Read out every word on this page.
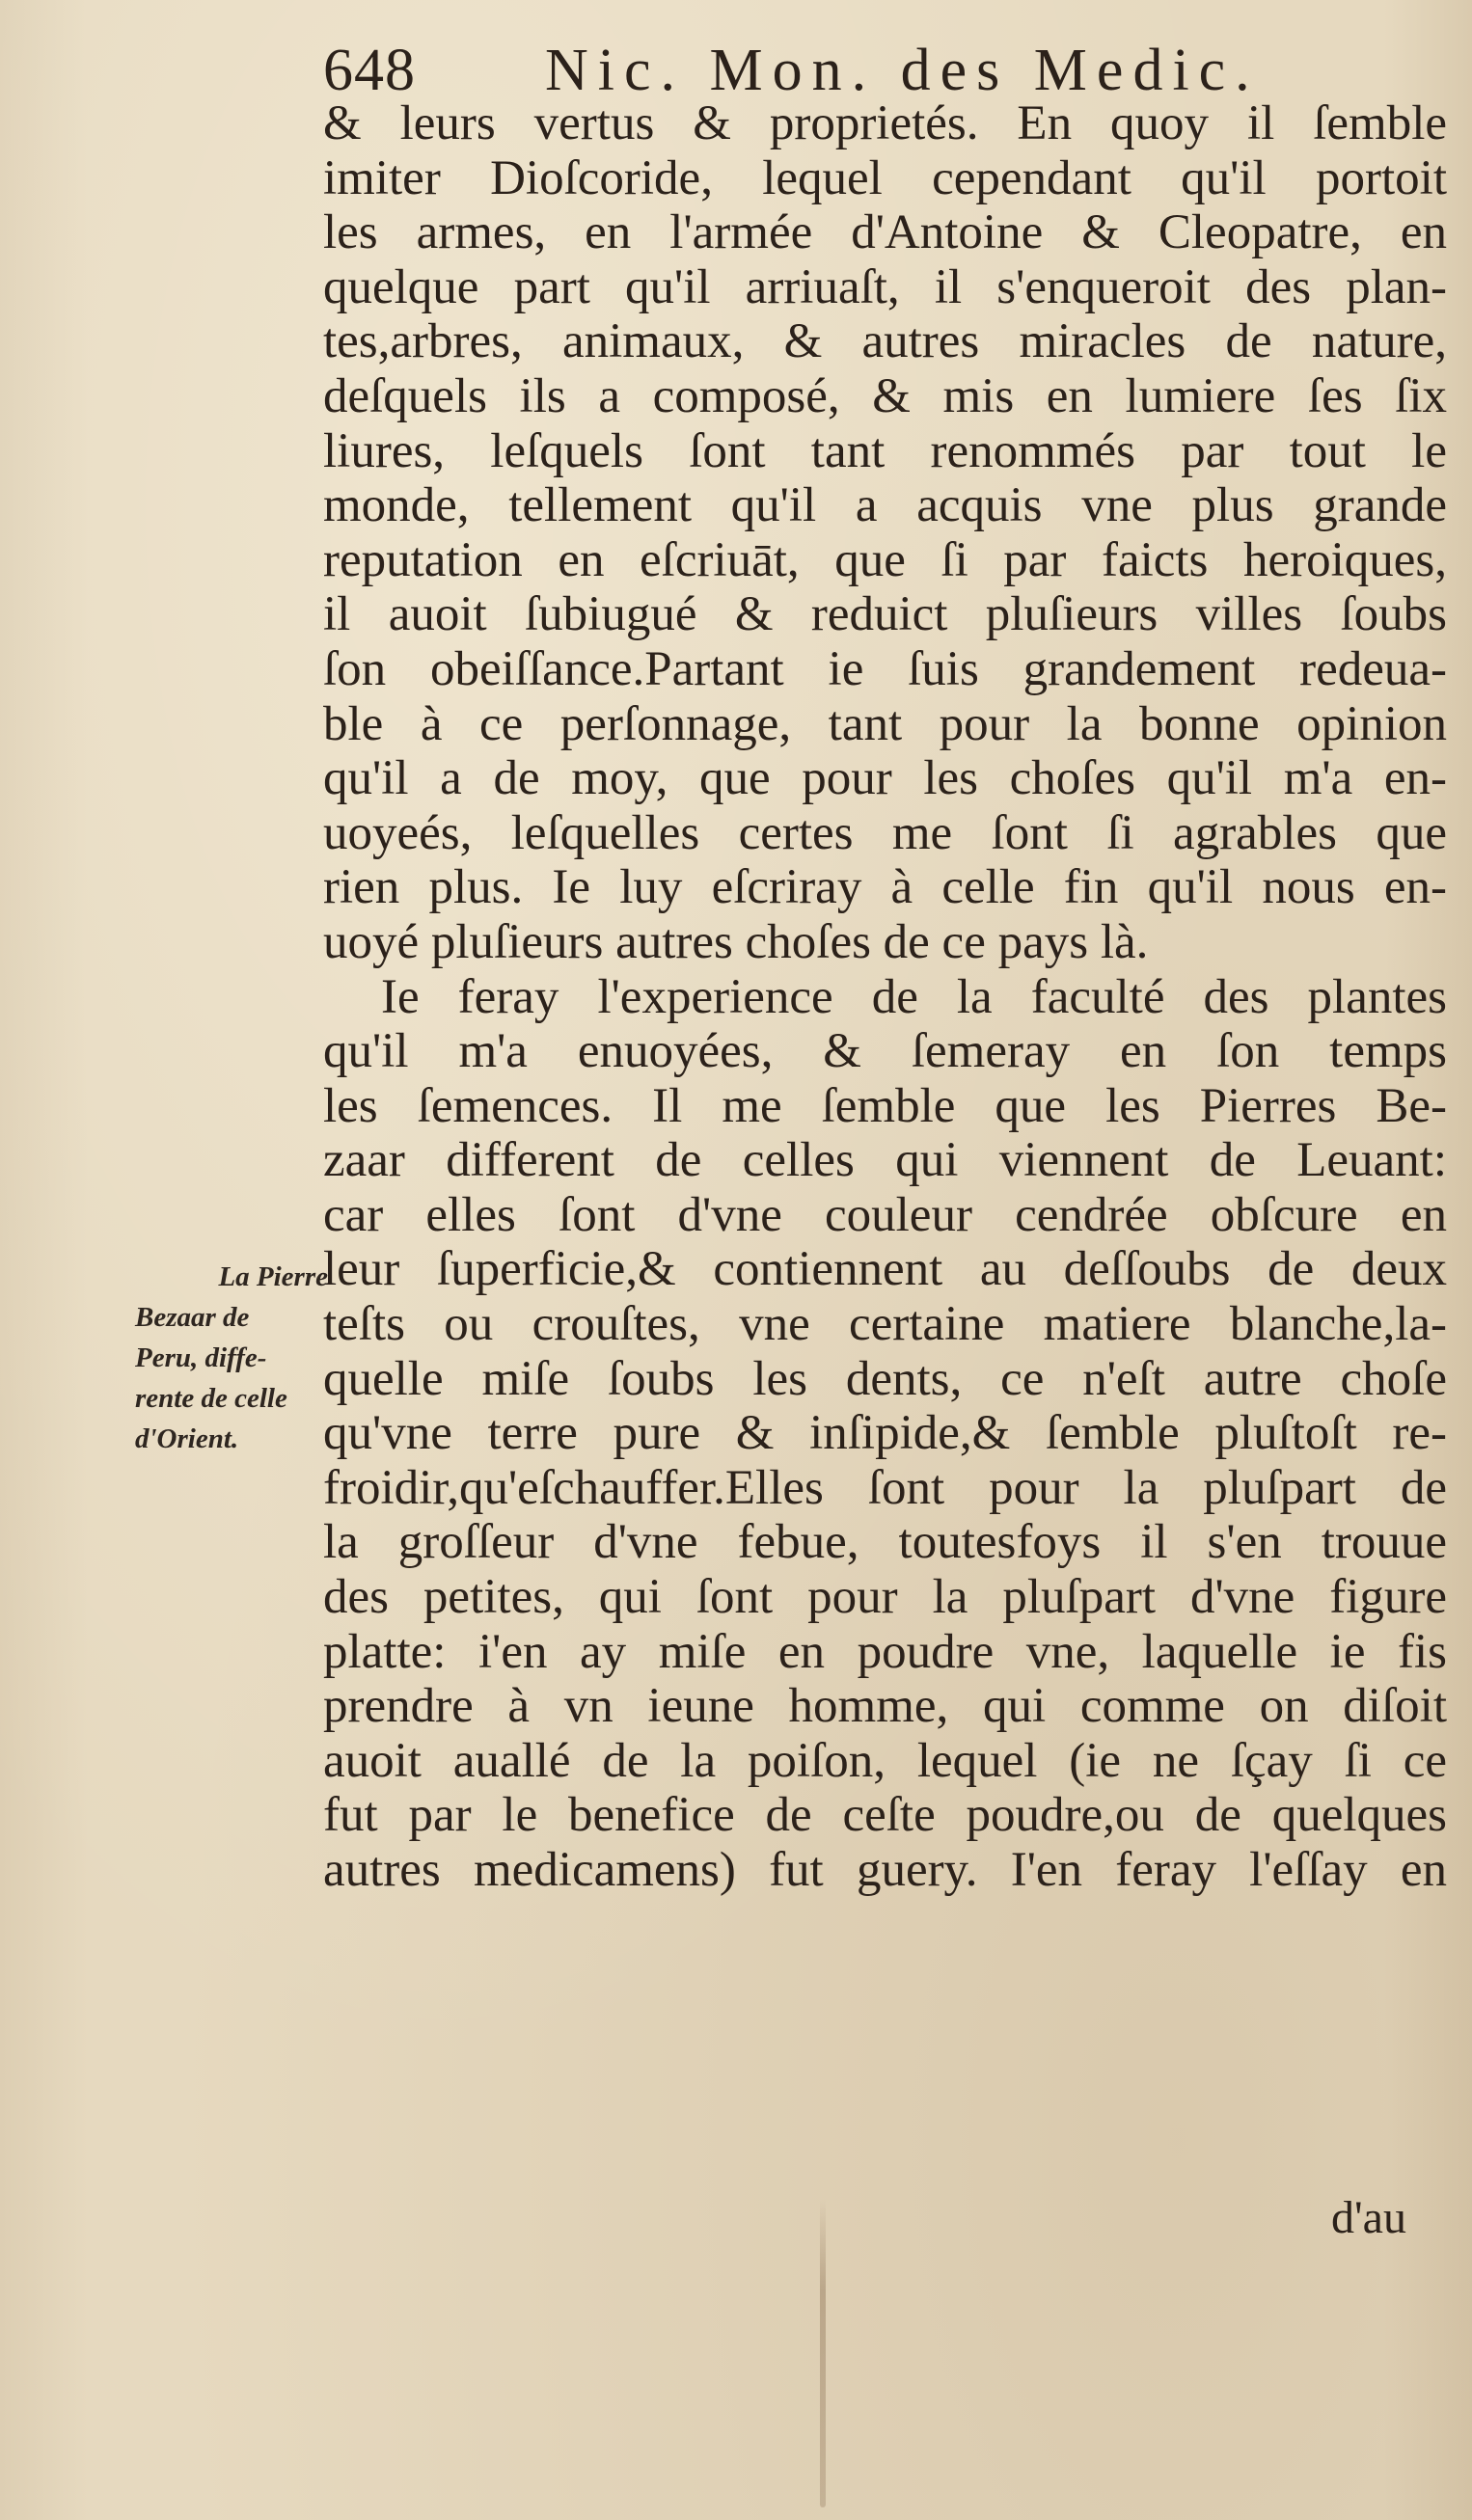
648 Nic. Mon. des Medic.
& leurs vertus & proprietés. En quoy il ſemble
imiter Dioſcoride, lequel cependant qu'il portoit
les armes, en l'armée d'Antoine & Cleopatre, en
quelque part qu'il arriuaſt, il s'enqueroit des plan-
tes,arbres, animaux, & autres miracles de nature,
deſquels ils a composé, & mis en lumiere ſes ſix
liures, leſquels ſont tant renommés par tout le
monde, tellement qu'il a acquis vne plus grande
reputation en eſcriuāt, que ſi par faicts heroiques,
il auoit ſubiugué & reduict pluſieurs villes ſoubs
ſon obeiſſance.Partant ie ſuis grandement redeua-
ble à ce perſonnage, tant pour la bonne opinion
qu'il a de moy, que pour les choſes qu'il m'a en-
uoyeés, leſquelles certes me ſont ſi agrables que
rien plus. Ie luy eſcriray à celle fin qu'il nous en-
uoyé pluſieurs autres choſes de ce pays là.
Ie feray l'experience de la faculté des plantes
qu'il m'a enuoyées, & ſemeray en ſon temps
les ſemences. Il me ſemble que les Pierres Be-
zaar different de celles qui viennent de Leuant:
car elles ſont d'vne couleur cendrée obſcure en
leur ſuperficie,& contiennent au deſſoubs de deux
teſts ou crouſtes, vne certaine matiere blanche,la-
quelle miſe ſoubs les dents, ce n'eſt autre choſe
qu'vne terre pure & inſipide,& ſemble pluſtoſt re-
froidir,qu'eſchauffer.Elles ſont pour la pluſpart de
la groſſeur d'vne febue, toutesfoys il s'en trouue
des petites, qui ſont pour la pluſpart d'vne figure
platte: i'en ay miſe en poudre vne, laquelle ie fis
prendre à vn ieune homme, qui comme on diſoit
auoit auallé de la poiſon, lequel (ie ne ſçay ſi ce
fut par le benefice de ceſte poudre,ou de quelques
autres medicamens) fut guery. I'en feray l'eſſay en
d'au
La Pierre
Bezaar de
Peru, diffe-
rente de celle
d'Orient.
